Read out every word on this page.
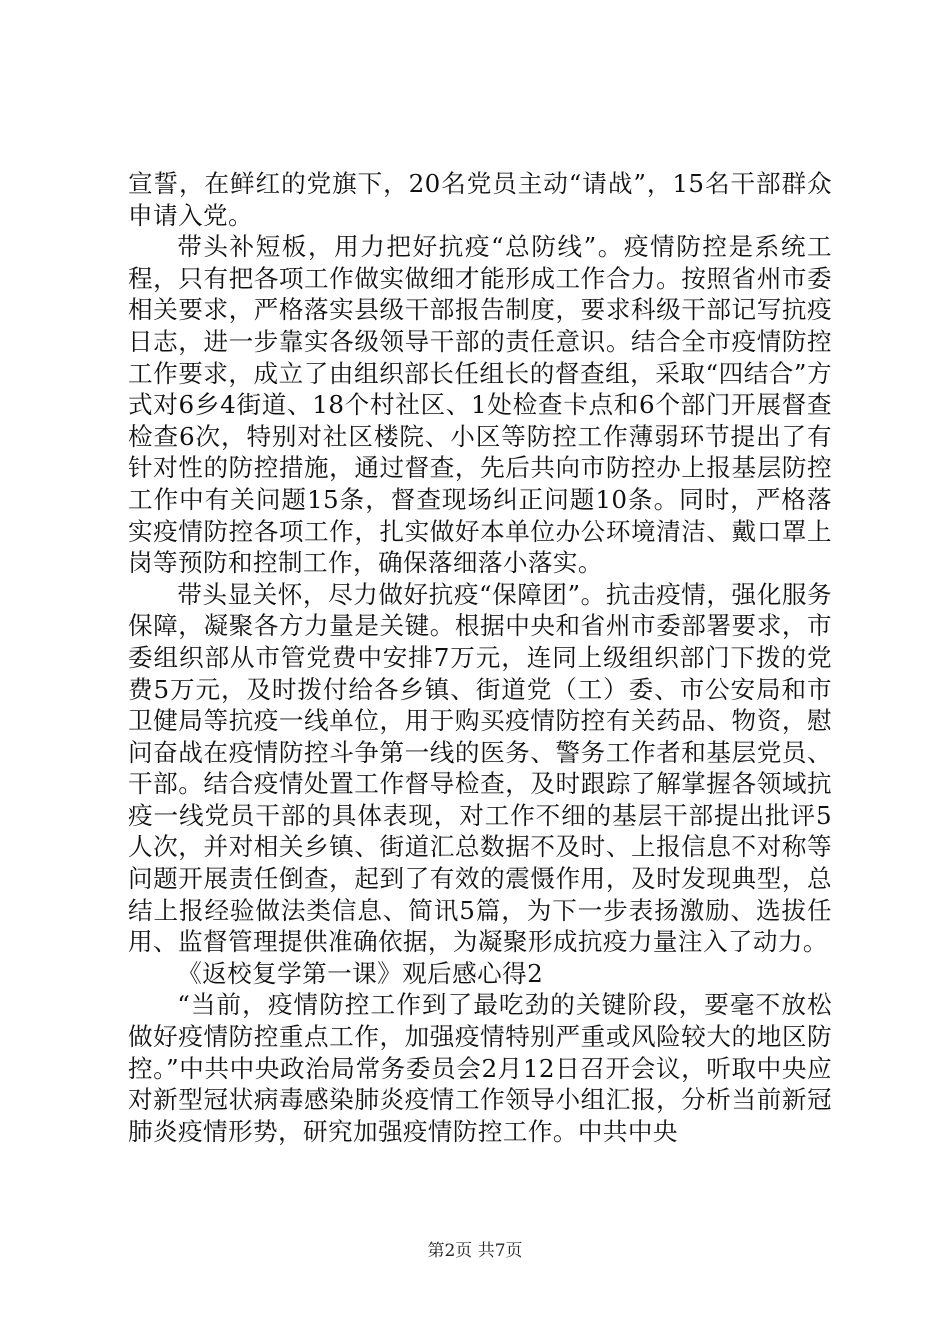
宣誓，在鲜红的党旗下，20名党员主动“请战”，15名干部群众申请入党。

带头补短板，用力把好抗疫“总防线”。疫情防控是系统工程，只有把各项工作做实做细才能形成工作合力。按照省州市委相关要求，严格落实县级干部报告制度，要求科级干部记写抗疫日志，进一步靠实各级领导干部的责任意识。结合全市疫情防控工作要求，成立了由组织部长任组长的督查组，采取“四结合”方式对6乡4街道、18个村社区、1处检查卡点和6个部门开展督查检查6次，特别对社区楼院、小区等防控工作薄弱环节提出了有针对性的防控措施，通过督查，先后共向市防控办上报基层防控工作中有关问题15条，督查现场纠正问题10条。同时，严格落实疫情防控各项工作，扎实做好本单位办公环境清洁、戴口罩上岗等预防和控制工作，确保落细落小落实。

带头显关怀，尽力做好抗疫“保障团”。抗击疫情，强化服务保障，凝聚各方力量是关键。根据中央和省州市委部署要求，市委组织部从市管党费中安排7万元，连同上级组织部门下拨的党费5万元，及时拨付给各乡镇、街道党（工）委、市公安局和市卫健局等抗疫一线单位，用于购买疫情防控有关药品、物资，慰问奋战在疫情防控斗争第一线的医务、警务工作者和基层党员、干部。结合疫情处置工作督导检查，及时跟踪了解掌握各领域抗疫一线党员干部的具体表现，对工作不细的基层干部提出批评5人次，并对相关乡镇、街道汇总数据不及时、上报信息不对称等问题开展责任倒查，起到了有效的震慑作用，及时发现典型，总结上报经验做法类信息、简讯5篇，为下一步表扬激励、选拔任用、监督管理提供准确依据，为凝聚形成抗疫力量注入了动力。

《返校复学第一课》观后感心得2

“当前，疫情防控工作到了最吃劲的关键阶段，要毫不放松做好疫情防控重点工作，加强疫情特别严重或风险较大的地区防控。”中共中央政治局常务委员会2月12日召开会议，听取中央应对新型冠状病毒感染肺炎疫情工作领导小组汇报，分析当前新冠肺炎疫情形势，研究加强疫情防控工作。中共中央

第2页 共7页
